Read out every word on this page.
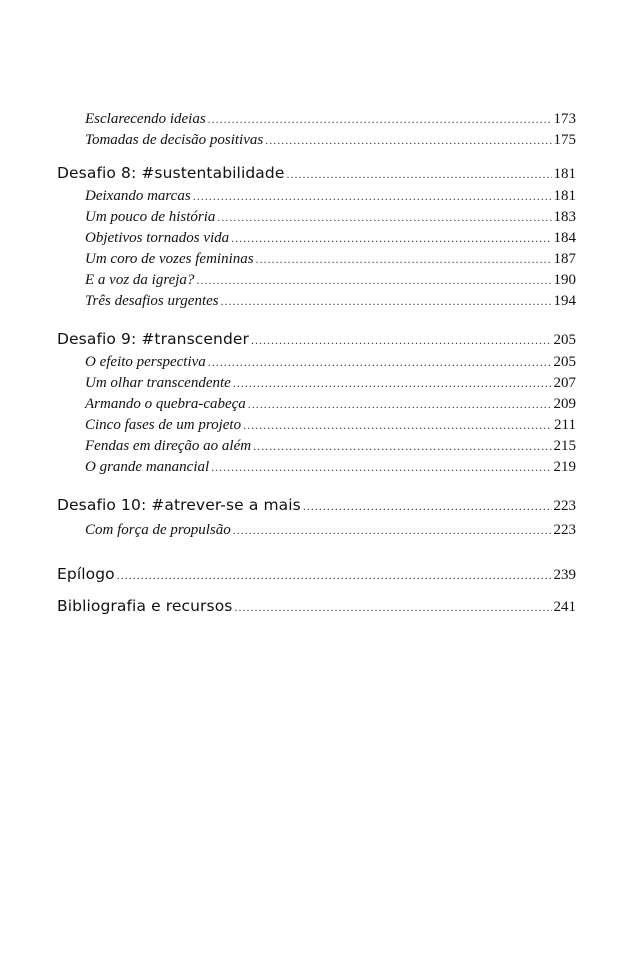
Esclarecendo ideias .....	173
Tomadas de decisão positivas .....	175
Desafio 8: #sustentabilidade .....	181
Deixando marcas .....	181
Um pouco de história .....	183
Objetivos tornados vida .....	184
Um coro de vozes femininas .....	187
E a voz da igreja? .....	190
Três desafios urgentes .....	194
Desafio 9: #transcender .....	205
O efeito perspectiva .....	205
Um olhar transcendente .....	207
Armando o quebra-cabeça .....	209
Cinco fases de um projeto .....	211
Fendas em direção ao além .....	215
O grande manancial .....	219
Desafio 10: #atrever-se a mais .....	223
Com força de propulsão .....	223
Epílogo .....	239
Bibliografia e recursos .....	241
